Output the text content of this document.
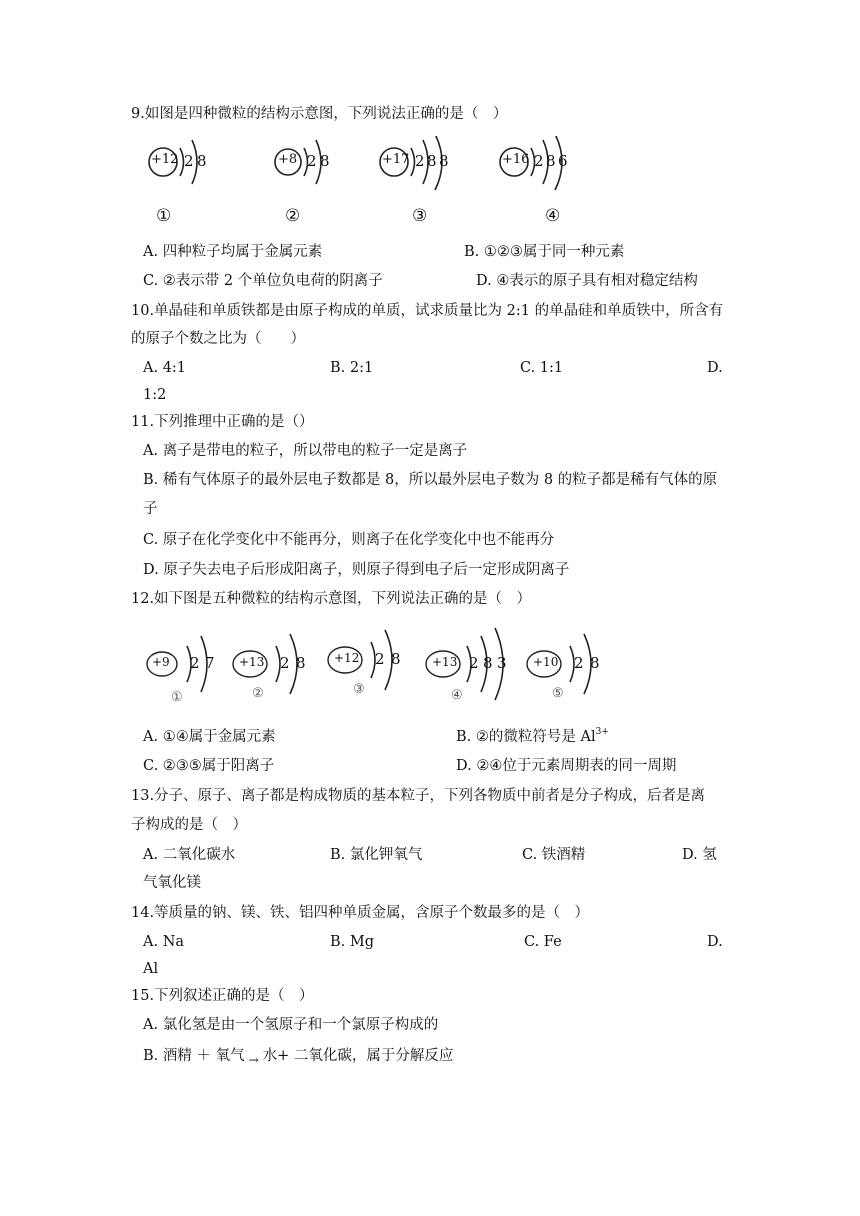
9.如图是四种微粒的结构示意图，下列说法正确的是（　）
+12 2 8
①
+8 2 8
②
+17 2 8 8
③
+16 2 8 6
④
A. 四种粒子均属于金属元素	B. ①②③属于同一种元素
C. ②表示带 2 个单位负电荷的阴离子	D. ④表示的原子具有相对稳定结构
10.单晶硅和单质铁都是由原子构成的单质，试求质量比为 2:1 的单晶硅和单质铁中，所含有
的原子个数之比为（　　）
A. 4:1	B. 2:1	C. 1:1	D.
1:2
11.下列推理中正确的是（）
A. 离子是带电的粒子，所以带电的粒子一定是离子
B. 稀有气体原子的最外层电子数都是 8，所以最外层电子数为 8 的粒子都是稀有气体的原
子
C. 原子在化学变化中不能再分，则离子在化学变化中也不能再分
D. 原子失去电子后形成阳离子，则原子得到电子后一定形成阴离子
12.如下图是五种微粒的结构示意图，下列说法正确的是（　）
+9 2 7
①
+13 2 8
②
+12 2 8
③
+13 2 8 3
④
+10 2 8
⑤
A. ①④属于金属元素	B. ②的微粒符号是 $Al^{3+}$
C. ②③⑤属于阳离子	D. ②④位于元素周期表的同一周期
13.分子、原子、离子都是构成物质的基本粒子，下列各物质中前者是分子构成，后者是离
子构成的是（　）
A. 二氧化碳水	B. 氯化钾氧气	C. 铁酒精	D. 氢
气氧化镁
14.等质量的钠、镁、铁、铝四种单质金属，含原子个数最多的是（　）
A. Na	B. Mg	C. Fe	D.
Al
15.下列叙述正确的是（　）
A. 氯化氢是由一个氢原子和一个氯原子构成的
B. 酒精 ＋ 氧气 → 水+ 二氧化碳，属于分解反应
